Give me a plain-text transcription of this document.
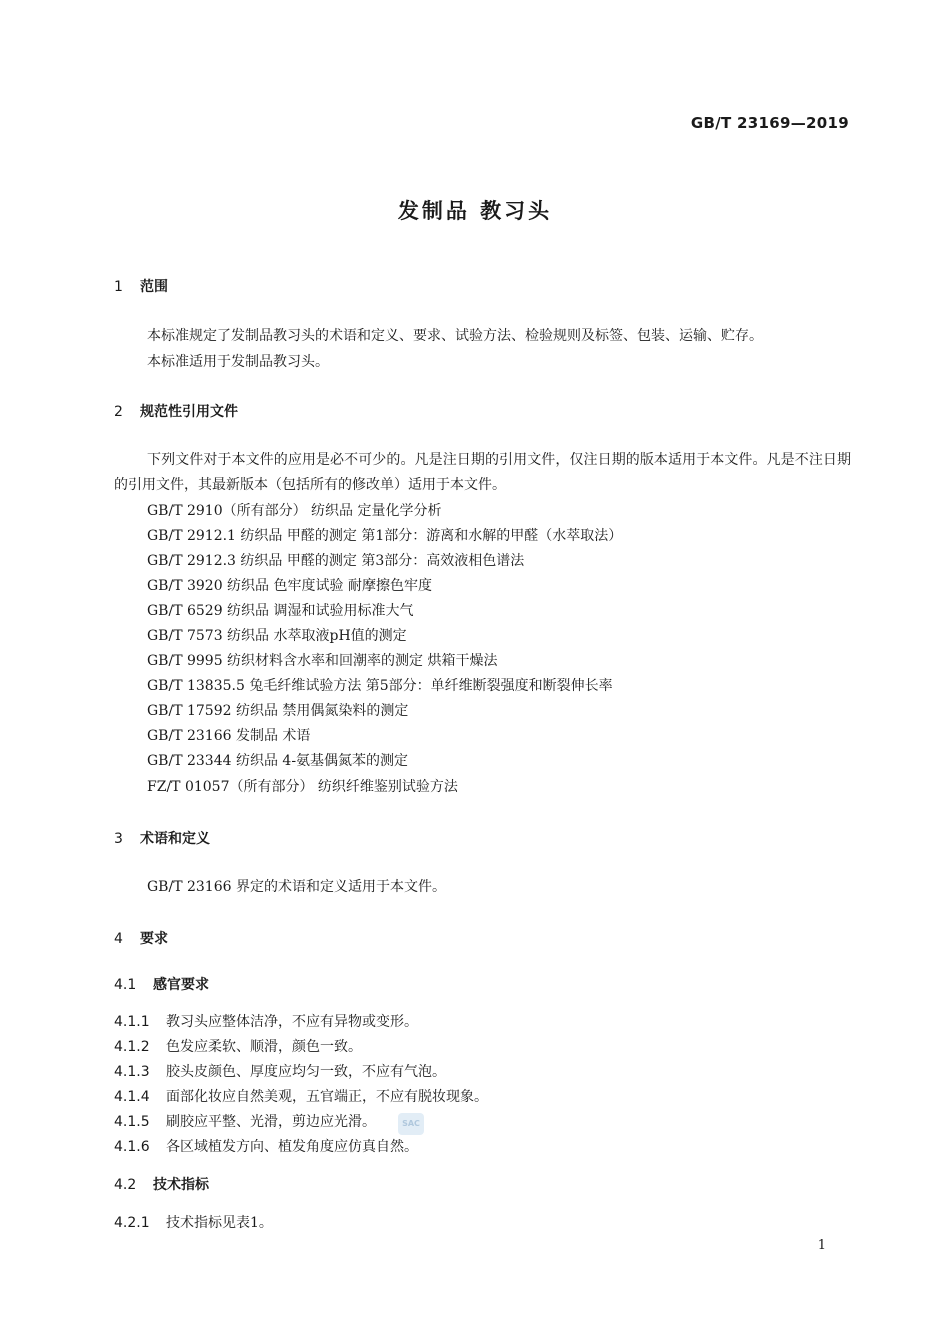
GB/T 23169—2019
发制品 教习头
1 范围
本标准规定了发制品教习头的术语和定义、要求、试验方法、检验规则及标签、包装、运输、贮存。
本标准适用于发制品教习头。
2 规范性引用文件
下列文件对于本文件的应用是必不可少的。凡是注日期的引用文件，仅注日期的版本适用于本文件。凡是不注日期的引用文件，其最新版本（包括所有的修改单）适用于本文件。
GB/T 2910（所有部分） 纺织品 定量化学分析
GB/T 2912.1 纺织品 甲醛的测定 第1部分：游离和水解的甲醛（水萃取法）
GB/T 2912.3 纺织品 甲醛的测定 第3部分：高效液相色谱法
GB/T 3920 纺织品 色牢度试验 耐摩擦色牢度
GB/T 6529 纺织品 调湿和试验用标准大气
GB/T 7573 纺织品 水萃取液pH值的测定
GB/T 9995 纺织材料含水率和回潮率的测定 烘箱干燥法
GB/T 13835.5 兔毛纤维试验方法 第5部分：单纤维断裂强度和断裂伸长率
GB/T 17592 纺织品 禁用偶氮染料的测定
GB/T 23166 发制品 术语
GB/T 23344 纺织品 4-氨基偶氮苯的测定
FZ/T 01057（所有部分） 纺织纤维鉴别试验方法
3 术语和定义
GB/T 23166 界定的术语和定义适用于本文件。
4 要求
4.1 感官要求
4.1.1 教习头应整体洁净，不应有异物或变形。
4.1.2 色发应柔软、顺滑，颜色一致。
4.1.3 胶头皮颜色、厚度应均匀一致，不应有气泡。
4.1.4 面部化妆应自然美观，五官端正，不应有脱妆现象。
4.1.5 刷胶应平整、光滑，剪边应光滑。
4.1.6 各区域植发方向、植发角度应仿真自然。
SAC
4.2 技术指标
4.2.1 技术指标见表1。
1
